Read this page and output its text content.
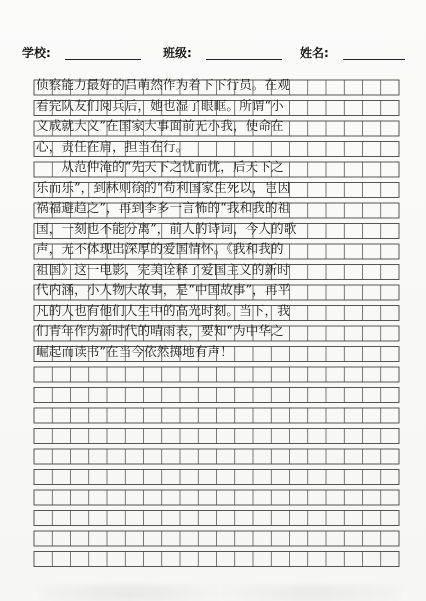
学校:	班级:	姓名:
侦察能力最好的吕萌然作为着下下行员。在观
看完队友们阅兵后，她也湿了眼眶。所谓“小
义成就大义”在国家大事面前无小我，使命在
心，责任在肩，担当在行。
　　从范仲淹的“先天下之忧而忧，后天下之
乐而乐”，到林则徐的“苟利国家生死以，岂因
祸福避趋之”，再到李多一言怖的“我和我的祖
国，一刻也不能分离”，前人的诗词，今人的歌
声，无不体现出深厚的爱国情怀。《我和我的
祖国》这一电影，完美诠释了爱国主义的新时
代内涵，小人物大故事，是“中国故事”，再平
凡的人也有他们人生中的高光时刻。当下，我
们青年作为新时代的晴雨表，要知“为中华之
崛起而读书”在当今依然掷地有声！
